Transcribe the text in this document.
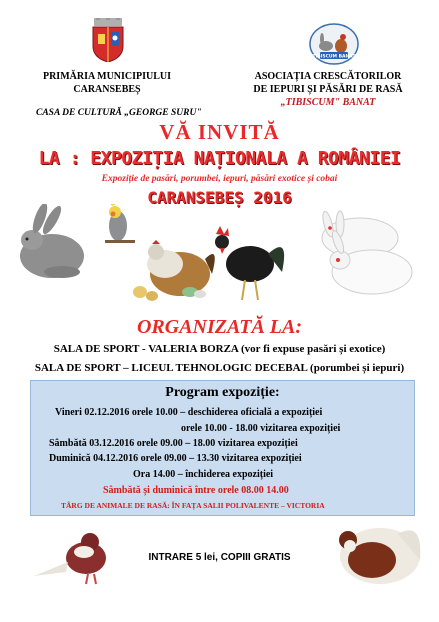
TIBISCUM BANAT
PRIMĂRIA MUNICIPIULUI
CARANSEBEȘ
ASOCIAȚIA CRESCĂTORILOR
DE IEPURI ȘI PĂSĂRI DE RASĂ
„TIBISCUM" BANAT
CASA DE CULTURĂ „GEORGE SURU"
VĂ INVITĂ
LA : EXPOZIȚIA NAȚIONALA A ROMÂNIEI
Expoziție de pasări, porumbei, iepuri, păsări exotice și cobai
CARANSEBEȘ 2016
ORGANIZATĂ LA:
SALA DE SPORT - VALERIA BORZA (vor fi expuse pasări și exotice)
SALA DE SPORT – LICEUL TEHNOLOGIC DECEBAL (porumbei și iepuri)
Program expoziție:
Vineri 02.12.2016 orele 10.00 – deschiderea oficială a expoziției
orele 10.00 - 18.00 vizitarea expoziției
Sâmbătă 03.12.2016 orele 09.00 – 18.00 vizitarea expoziției
Duminică 04.12.2016 orele 09.00 – 13.30 vizitarea expoziției
Ora 14.00 – închiderea expoziției
Sâmbătă și duminică între orele 08.00 14.00
TÂRG DE ANIMALE DE RASĂ: ÎN FAȚA SALII POLIVALENTE – VICTORIA
INTRARE 5 lei, COPIII GRATIS
